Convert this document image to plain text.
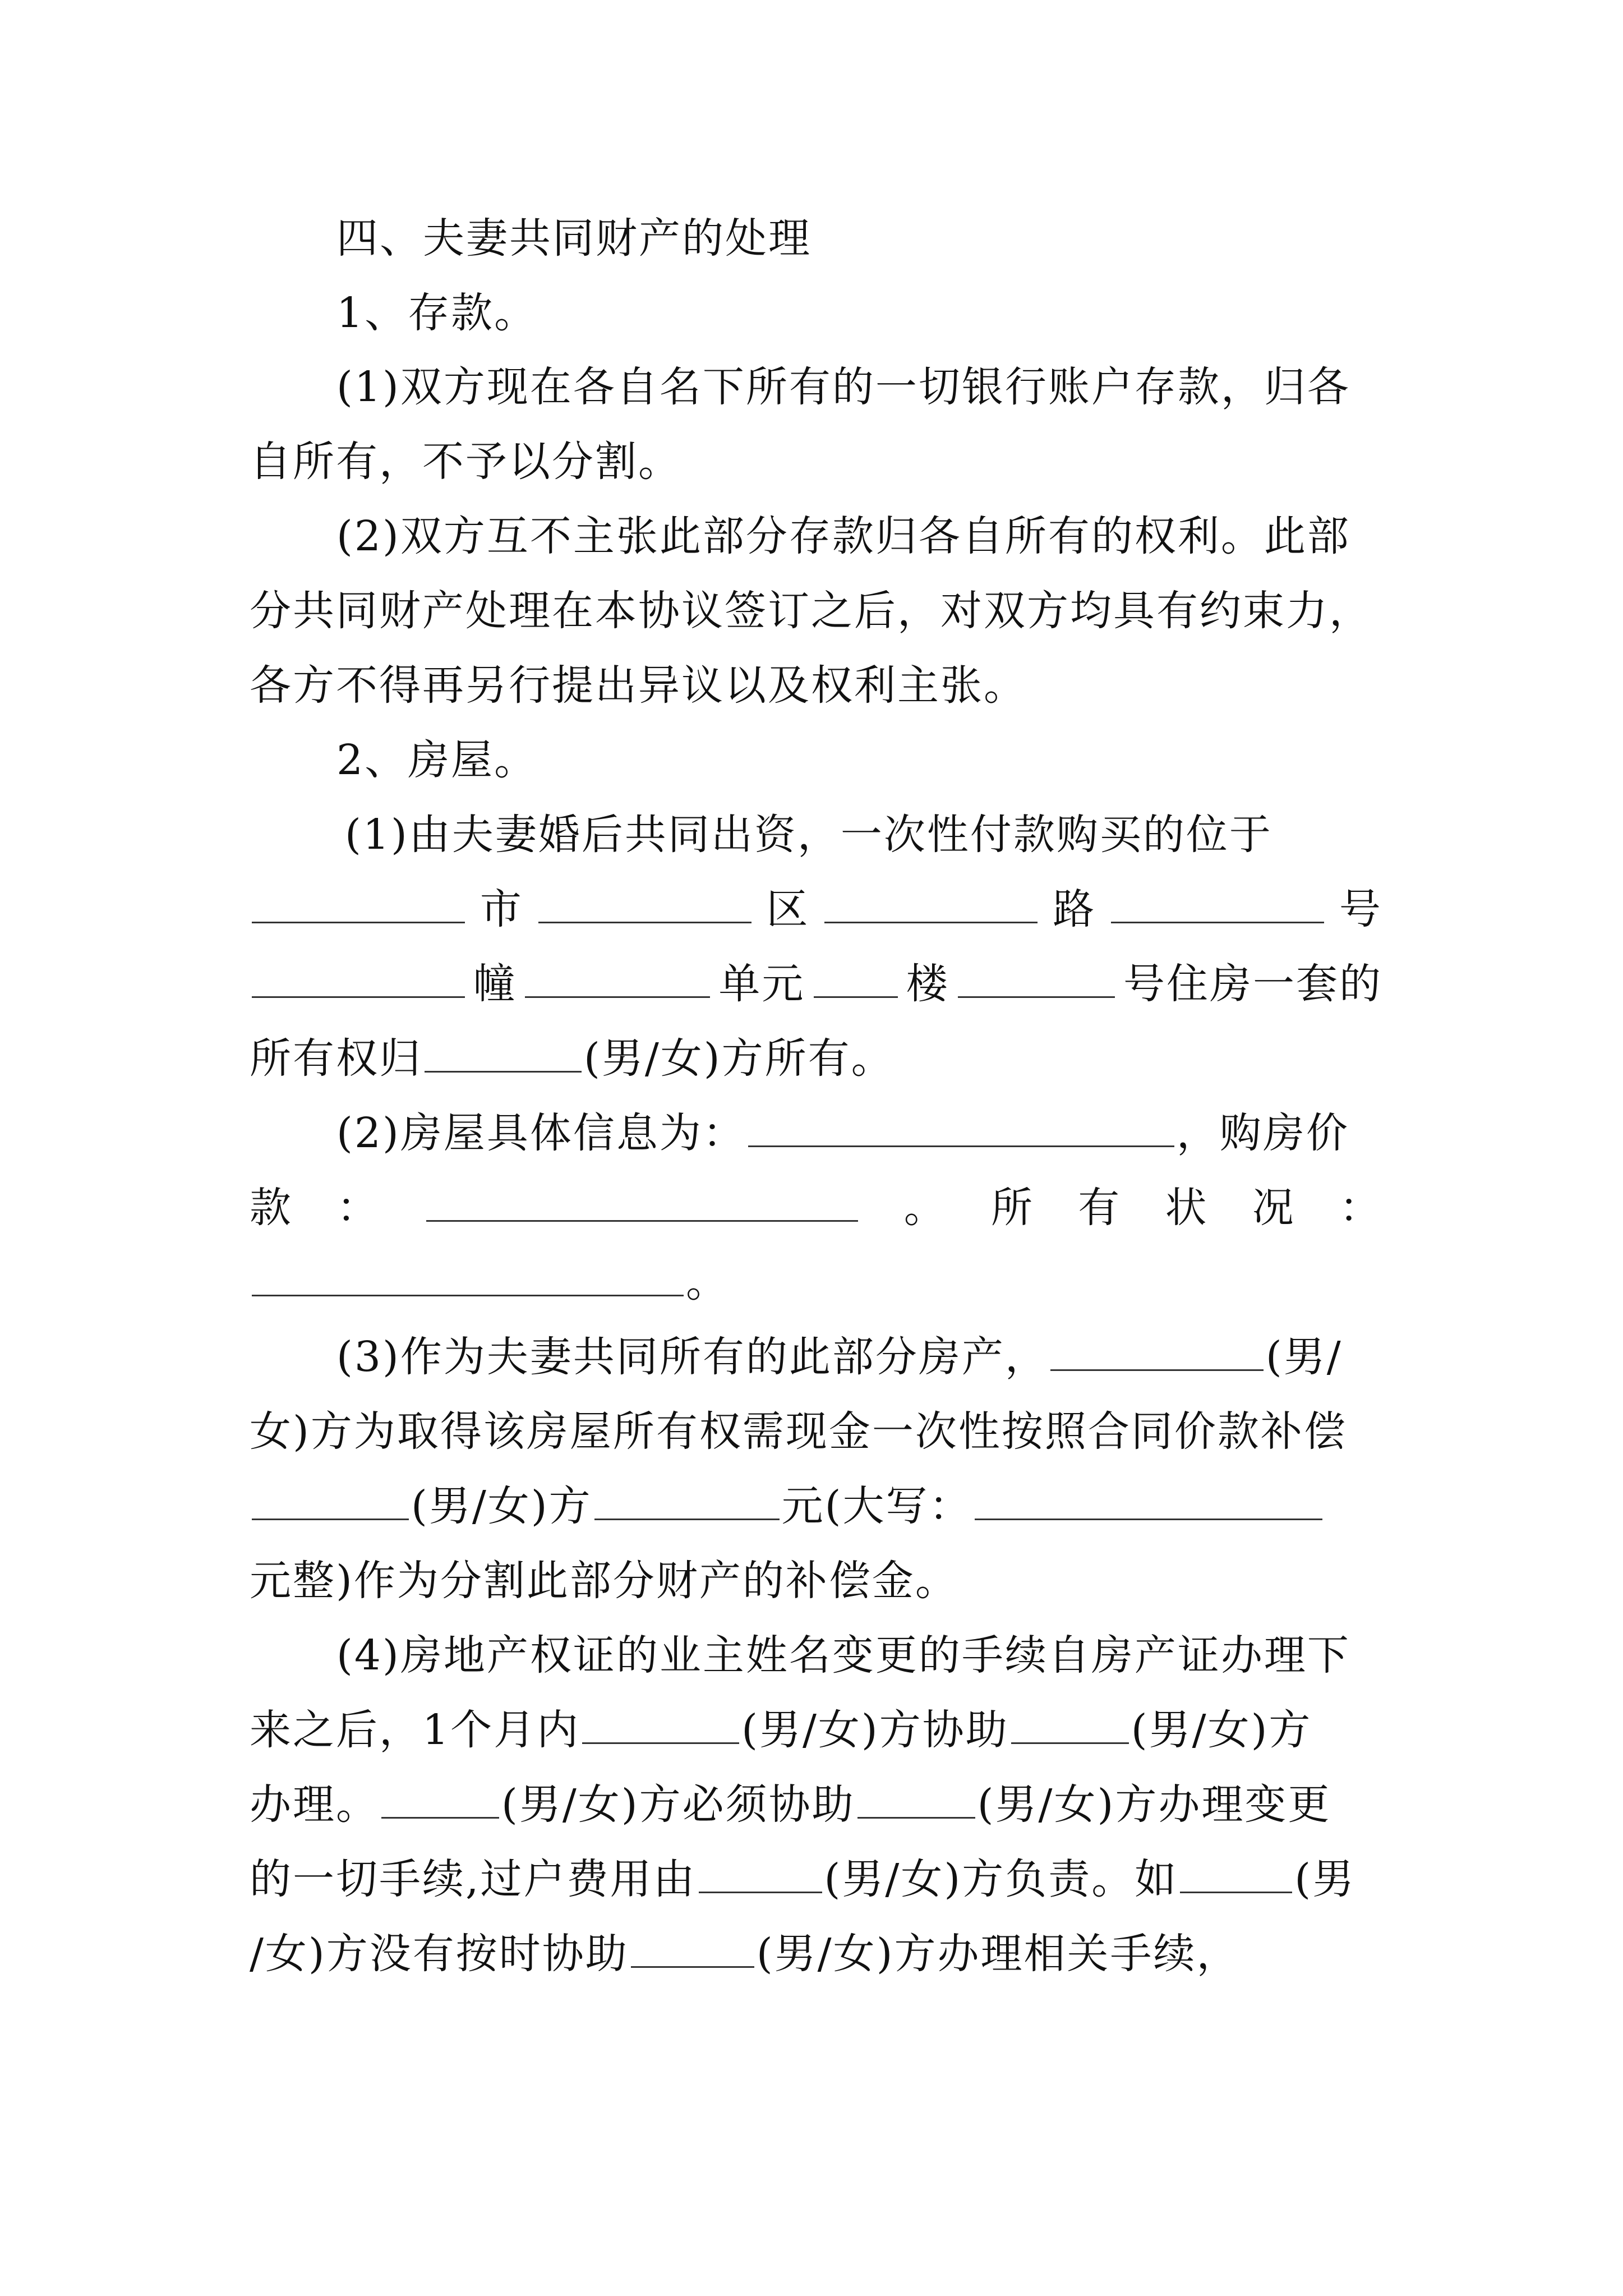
四、夫妻共同财产的处理
1、存款。
(1)双方现在各自名下所有的一切银行账户存款，归各
自所有，不予以分割。
(2)双方互不主张此部分存款归各自所有的权利。此部
分共同财产处理在本协议签订之后，对双方均具有约束力，
各方不得再另行提出异议以及权利主张。
2、房屋。
(1)由夫妻婚后共同出资，一次性付款购买的位于
市	区	路	号
幢	单元 楼	号住房一套的
所有权归	(男/女)方所有。
(2)房屋具体信息为：	，购房价
款 ：	。 所 有 状 况 ：
。
(3)作为夫妻共同所有的此部分房产，	(男/
女)方为取得该房屋所有权需现金一次性按照合同价款补偿
(男/女)方	元(大写：
元整)作为分割此部分财产的补偿金。
(4)房地产权证的业主姓名变更的手续自房产证办理下
来之后，1个月内	(男/女)方协助	(男/女)方
办理。	(男/女)方必须协助	(男/女)方办理变更
的一切手续,过户费用由	(男/女)方负责。如	(男
/女)方没有按时协助	(男/女)方办理相关手续，
